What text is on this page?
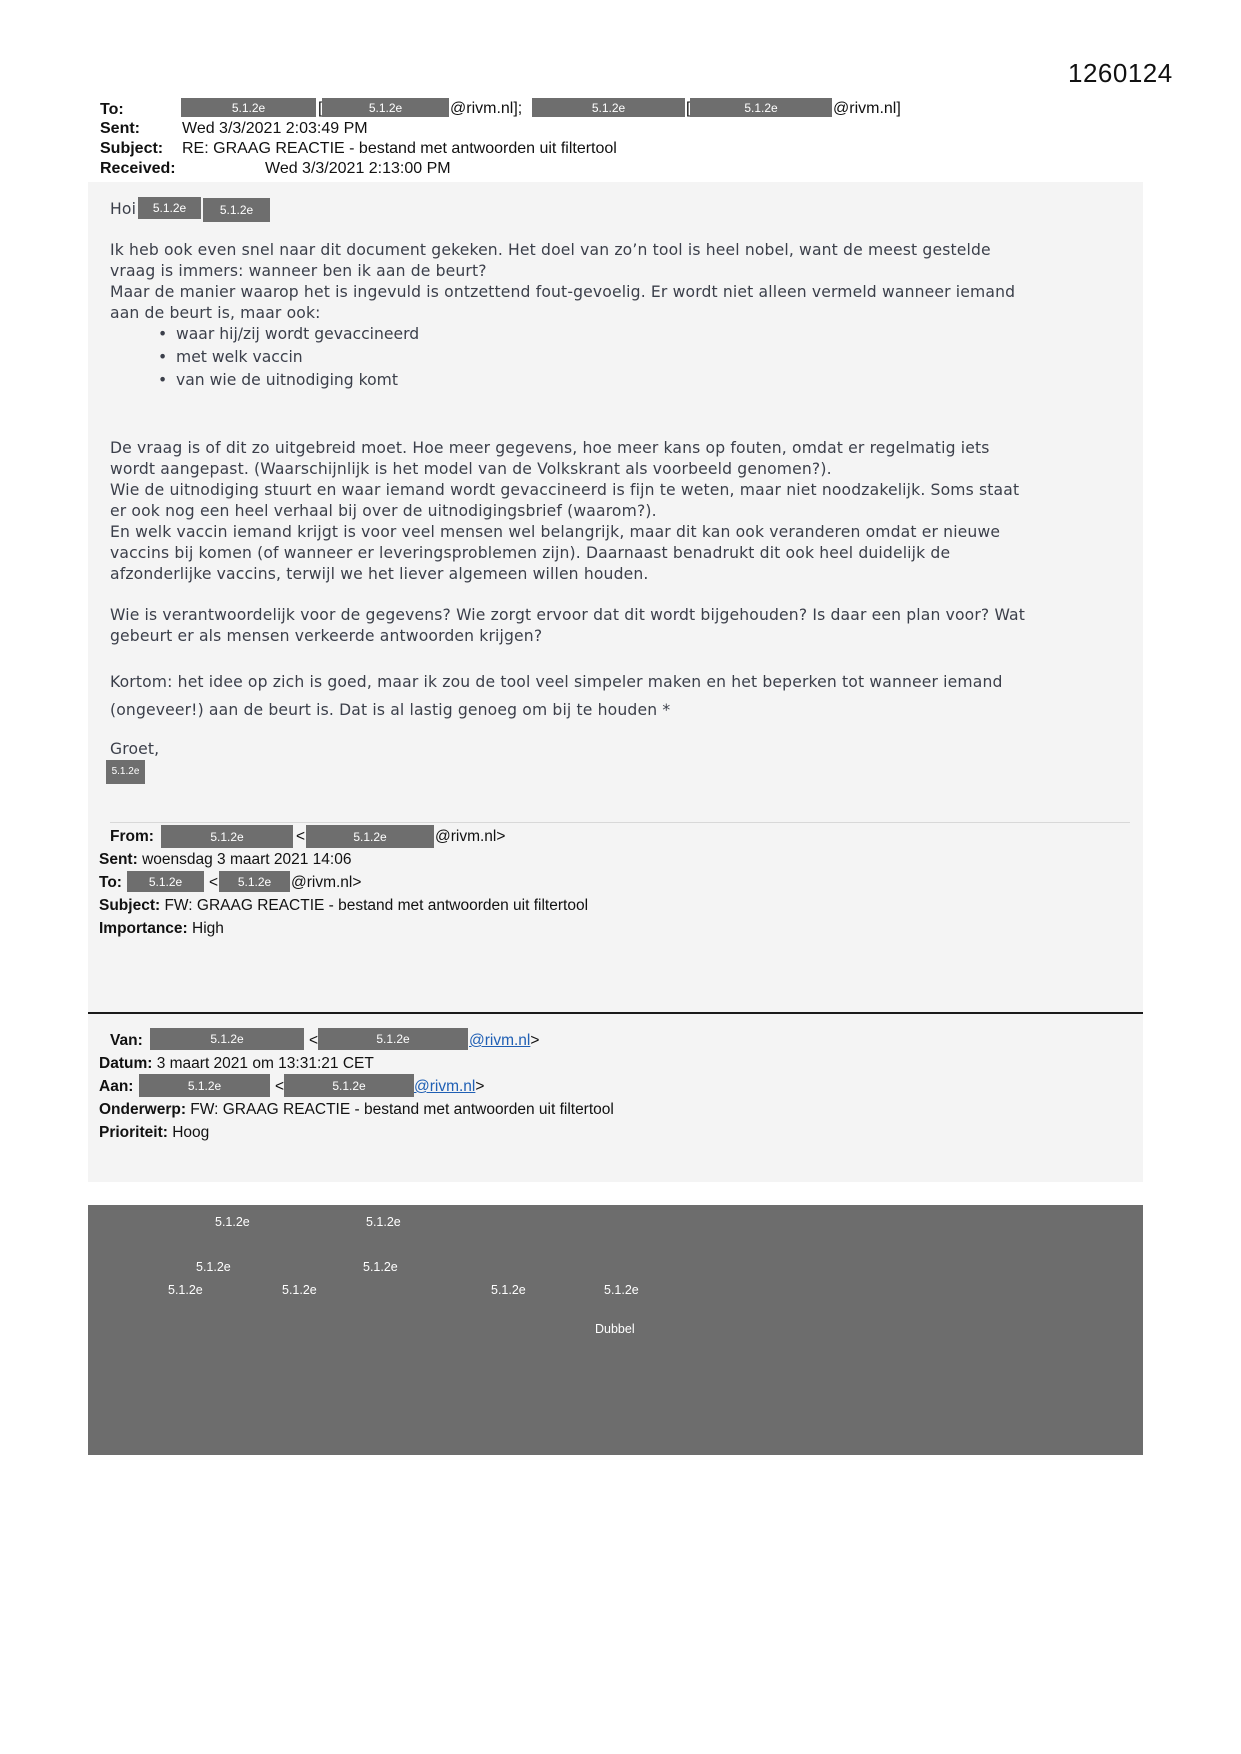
1260124
To:	5.1.2e	[	5.1.2e	@rivm.nl];	5.1.2e	[	5.1.2e	@rivm.nl]
Sent:	Wed 3/3/2021 2:03:49 PM
Subject: RE: GRAAG REACTIE - bestand met antwoorden uit filtertool
Received:	Wed 3/3/2021 2:13:00 PM
Hoi	5.1.2e	5.1.2e
Ik heb ook even snel naar dit document gekeken. Het doel van zo’n tool is heel nobel, want de meest gestelde
vraag is immers: wanneer ben ik aan de beurt?
Maar de manier waarop het is ingevuld is ontzettend fout-gevoelig. Er wordt niet alleen vermeld wanneer iemand
aan de beurt is, maar ook:
• waar hij/zij wordt gevaccineerd
• met welk vaccin
• van wie de uitnodiging komt
De vraag is of dit zo uitgebreid moet. Hoe meer gegevens, hoe meer kans op fouten, omdat er regelmatig iets
wordt aangepast. (Waarschijnlijk is het model van de Volkskrant als voorbeeld genomen?).
Wie de uitnodiging stuurt en waar iemand wordt gevaccineerd is fijn te weten, maar niet noodzakelijk. Soms staat
er ook nog een heel verhaal bij over de uitnodigingsbrief (waarom?).
En welk vaccin iemand krijgt is voor veel mensen wel belangrijk, maar dit kan ook veranderen omdat er nieuwe
vaccins bij komen (of wanneer er leveringsproblemen zijn). Daarnaast benadrukt dit ook heel duidelijk de
afzonderlijke vaccins, terwijl we het liever algemeen willen houden.
Wie is verantwoordelijk voor de gegevens? Wie zorgt ervoor dat dit wordt bijgehouden? Is daar een plan voor? Wat
gebeurt er als mensen verkeerde antwoorden krijgen?
Kortom: het idee op zich is goed, maar ik zou de tool veel simpeler maken en het beperken tot wanneer iemand
(ongeveer!) aan de beurt is. Dat is al lastig genoeg om bij te houden *
Groet,
5.1.2e
From:	5.1.2e	<	5.1.2e	@rivm.nl>
Sent: woensdag 3 maart 2021 14:06
To:	5.1.2e	<	5.1.2e	@rivm.nl>
Subject: FW: GRAAG REACTIE - bestand met antwoorden uit filtertool
Importance: High
Van:	5.1.2e	<	5.1.2e	@rivm.nl>
Datum: 3 maart 2021 om 13:31:21 CET
Aan:	5.1.2e	<	5.1.2e	@rivm.nl>
Onderwerp: FW: GRAAG REACTIE - bestand met antwoorden uit filtertool
Prioriteit: Hoog
5.1.2e	5.1.2e
5.1.2e	5.1.2e
5.1.2e	5.1.2e	5.1.2e	5.1.2e
Dubbel
